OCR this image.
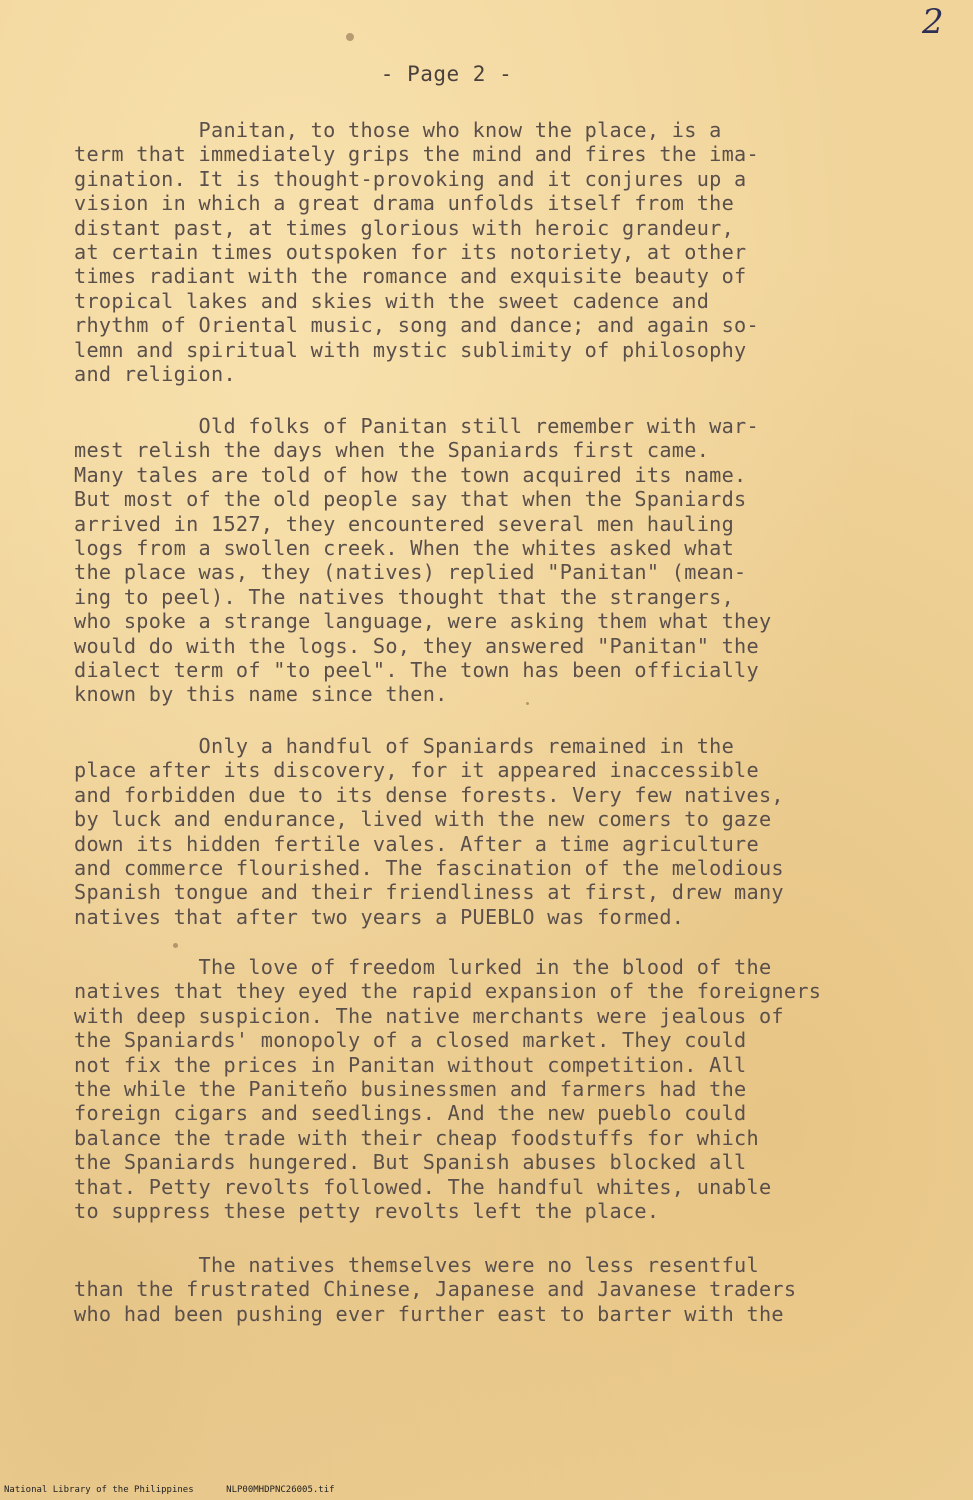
2
- Page 2 -
Panitan, to those who know the place, is a
term that immediately grips the mind and fires the ima-
gination. It is thought-provoking and it conjures up a
vision in which a great drama unfolds itself from the
distant past, at times glorious with heroic grandeur,
at certain times outspoken for its notoriety, at other
times radiant with the romance and exquisite beauty of
tropical lakes and skies with the sweet cadence and
rhythm of Oriental music, song and dance; and again so-
lemn and spiritual with mystic sublimity of philosophy
and religion.
Old folks of Panitan still remember with war-
mest relish the days when the Spaniards first came.
Many tales are told of how the town acquired its name.
But most of the old people say that when the Spaniards
arrived in 1527, they encountered several men hauling
logs from a swollen creek. When the whites asked what
the place was, they (natives) replied "Panitan" (mean-
ing to peel). The natives thought that the strangers,
who spoke a strange language, were asking them what they
would do with the logs. So, they answered "Panitan" the
dialect term of "to peel". The town has been officially
known by this name since then.
Only a handful of Spaniards remained in the
place after its discovery, for it appeared inaccessible
and forbidden due to its dense forests. Very few natives,
by luck and endurance, lived with the new comers to gaze
down its hidden fertile vales. After a time agriculture
and commerce flourished. The fascination of the melodious
Spanish tongue and their friendliness at first, drew many
natives that after two years a PUEBLO was formed.
The love of freedom lurked in the blood of the
natives that they eyed the rapid expansion of the foreigners
with deep suspicion. The native merchants were jealous of
the Spaniards' monopoly of a closed market. They could
not fix the prices in Panitan without competition. All
the while the Paniteño businessmen and farmers had the
foreign cigars and seedlings. And the new pueblo could
balance the trade with their cheap foodstuffs for which
the Spaniards hungered. But Spanish abuses blocked all
that. Petty revolts followed. The handful whites, unable
to suppress these petty revolts left the place.
The natives themselves were no less resentful
than the frustrated Chinese, Japanese and Javanese traders
who had been pushing ever further east to barter with the
National Library of the Philippines	NLP00MHDPNC26005.tif
